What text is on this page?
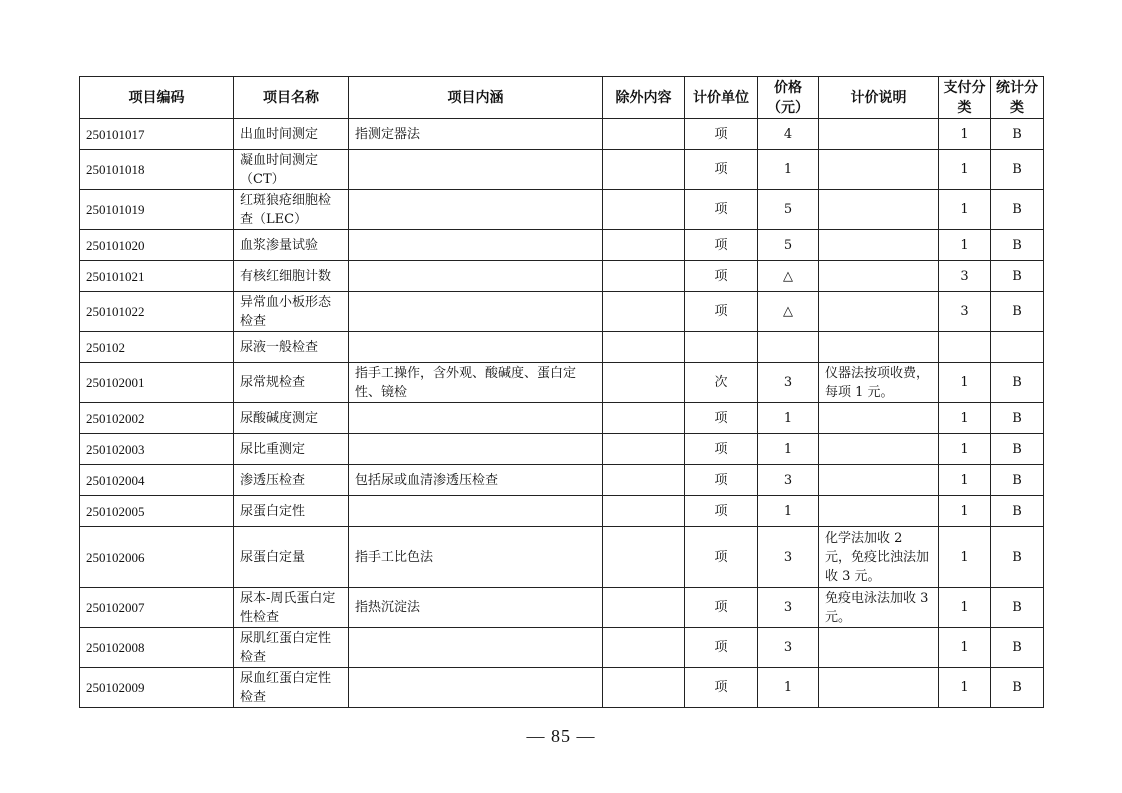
项目编码	项目名称	项目内涵	除外内容	计价单位	价格（元）	计价说明	支付分类	统计分类
250101017	出血时间测定	指测定器法		项	4		1	B
250101018	凝血时间测定（CT）			项	1		1	B
250101019	红斑狼疮细胞检查（LEC）			项	5		1	B
250101020	血浆渗量试验			项	5		1	B
250101021	有核红细胞计数			项	△		3	B
250101022	异常血小板形态检查			项	△		3	B
250102	尿液一般检查							
250102001	尿常规检查	指手工操作，含外观、酸碱度、蛋白定性、镜检		次	3	仪器法按项收费，每项 1 元。	1	B
250102002	尿酸碱度测定			项	1		1	B
250102003	尿比重测定			项	1		1	B
250102004	渗透压检查	包括尿或血清渗透压检查		项	3		1	B
250102005	尿蛋白定性			项	1		1	B
250102006	尿蛋白定量	指手工比色法		项	3	化学法加收 2 元，免疫比浊法加收 3 元。	1	B
250102007	尿本-周氏蛋白定性检查	指热沉淀法		项	3	免疫电泳法加收 3 元。	1	B
250102008	尿肌红蛋白定性检查			项	3		1	B
250102009	尿血红蛋白定性检查			项	1		1	B
— 85 —
